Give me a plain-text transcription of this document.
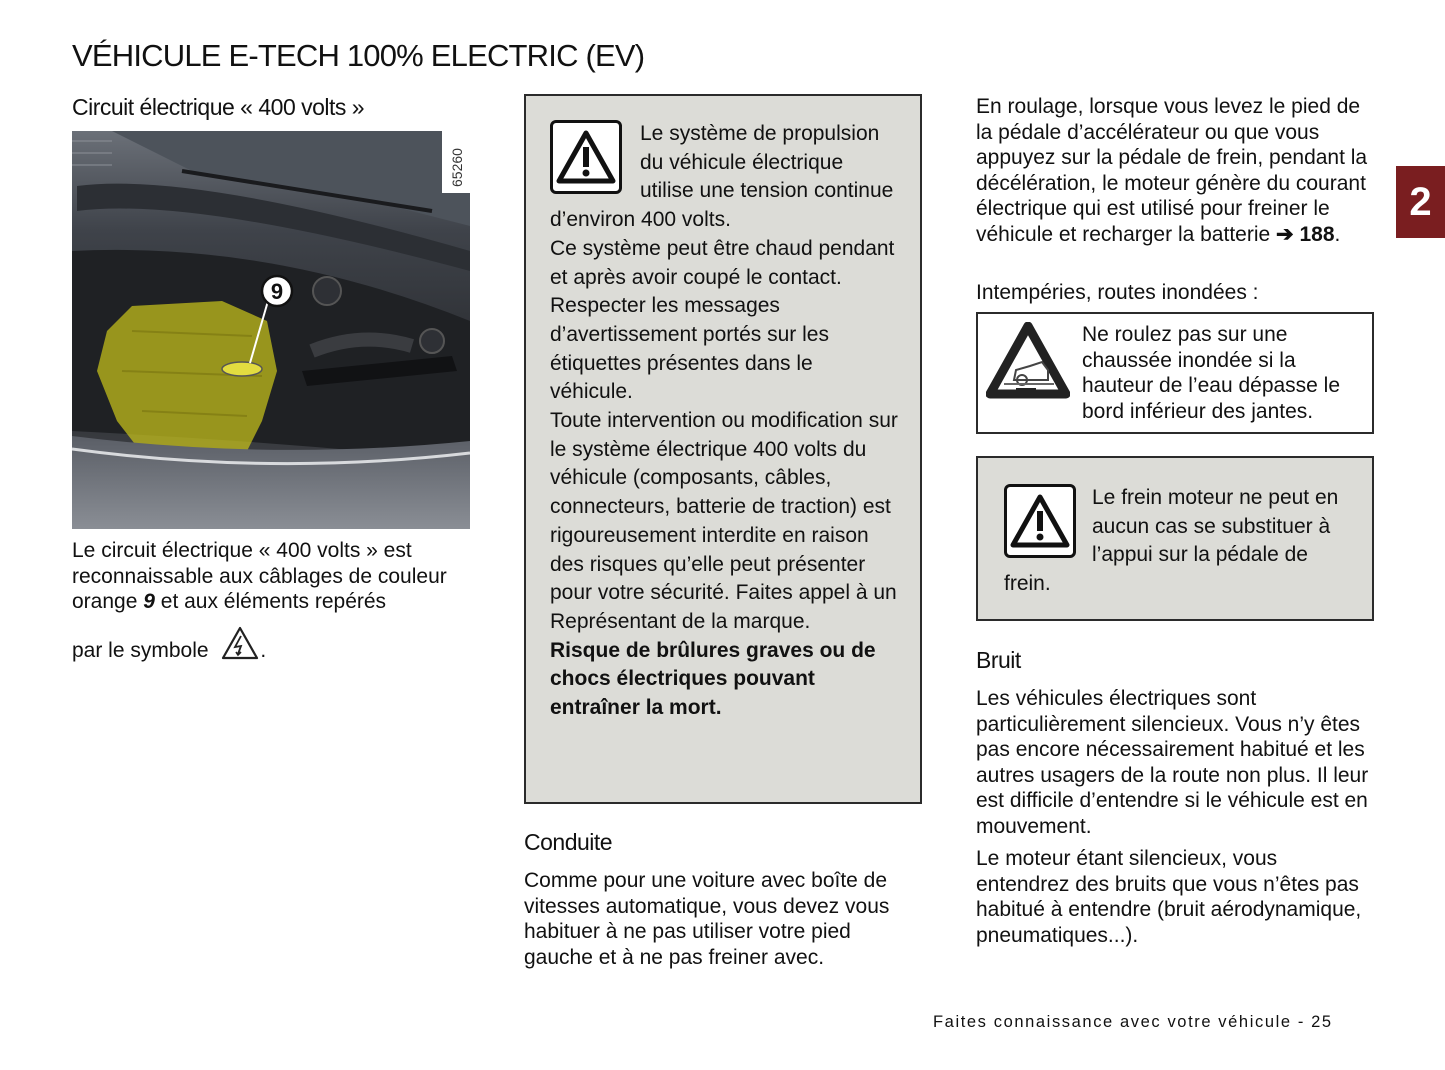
VÉHICULE E-TECH 100% ELECTRIC (EV)
2
Circuit électrique « 400 volts »
9
65260
Le circuit électrique « 400 volts » est reconnaissable aux câblages de couleur orange 9 et aux éléments repérés
par le symbole .

Le système de propulsion du véhicule électrique utilise une tension continue d’environ 400 volts.

Ce système peut être chaud pendant et après avoir coupé le contact. Respecter les messages d’avertissement portés sur les étiquettes présentes dans le véhicule.

Toute intervention ou modification sur le système électrique 400 volts du véhicule (composants, câbles, connecteurs, batterie de traction) est rigoureusement interdite en raison des risques qu’elle peut présenter pour votre sécurité. Faites appel à un Représentant de la marque.

Risque de brûlures graves ou de chocs électriques pouvant entraîner la mort.

Conduite

Comme pour une voiture avec boîte de vitesses automatique, vous devez vous habituer à ne pas utiliser votre pied gauche et à ne pas freiner avec.

En roulage, lorsque vous levez le pied de la pédale d’accélérateur ou que vous appuyez sur la pédale de frein, pendant la décélération, le moteur génère du courant électrique qui est utilisé pour freiner le véhicule et recharger la batterie ➔ 188.

Intempéries, routes inondées :

Ne roulez pas sur une chaussée inondée si la hauteur de l’eau dépasse le bord inférieur des jantes.

Le frein moteur ne peut en aucun cas se substituer à l’appui sur la pédale de frein.

Bruit

Les véhicules électriques sont particulièrement silencieux. Vous n’y êtes pas encore nécessairement habitué et les autres usagers de la route non plus. Il leur est difficile d’entendre si le véhicule est en mouvement.

Le moteur étant silencieux, vous entendrez des bruits que vous n’êtes pas habitué à entendre (bruit aérodynamique, pneumatiques...).

Faites connaissance avec votre véhicule - 25
